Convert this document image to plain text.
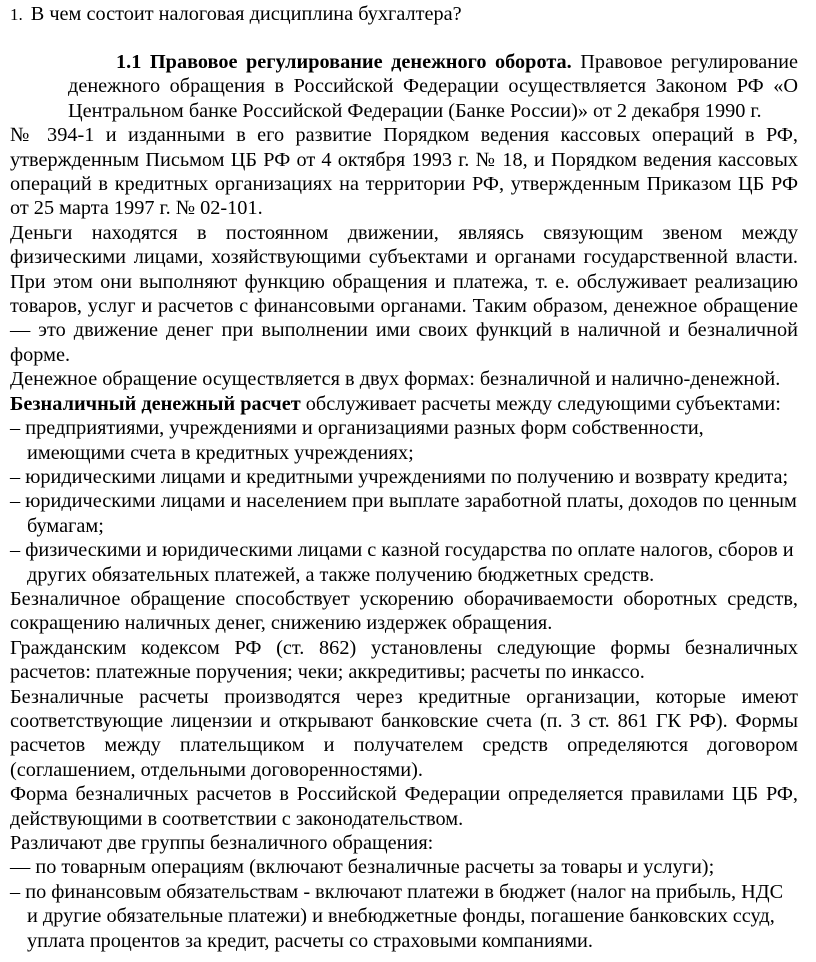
1. В чем состоит налоговая дисциплина бухгалтера?

1.1 Правовое регулирование денежного оборота. Правовое регулирование денежного обращения в Российской Федерации осуществляется Законом РФ «О Центральном банке Российской Федерации (Банке России)» от 2 декабря 1990 г.

№ 394-1 и изданными в его развитие Порядком ведения кассовых операций в РФ, утвержденным Письмом ЦБ РФ от 4 октября 1993 г. № 18, и Порядком ведения кассовых операций в кредитных организациях на территории РФ, утвержденным Приказом ЦБ РФ от 25 марта 1997 г. № 02-101.

Деньги находятся в постоянном движении, являясь связующим звеном между физическими лицами, хозяйствующими субъектами и органами государственной власти. При этом они выполняют функцию обращения и платежа, т. е. обслуживает реализацию товаров, услуг и расчетов с финансовыми органами. Таким образом, денежное обращение — это движение денег при выполнении ими своих функций в наличной и безналичной форме.

Денежное обращение осуществляется в двух формах: безналичной и налично-денежной.

Безналичный денежный расчет обслуживает расчеты между следующими субъектами:

– предприятиями, учреждениями и организациями разных форм собственности, имеющими счета в кредитных учреждениях;

– юридическими лицами и кредитными учреждениями по получению и возврату кредита;

– юридическими лицами и населением при выплате заработной платы, доходов по ценным бумагам;

– физическими и юридическими лицами с казной государства по оплате налогов, сборов и других обязательных платежей, а также получению бюджетных средств.

Безналичное обращение способствует ускорению оборачиваемости оборотных средств, сокращению наличных денег, снижению издержек обращения.

Гражданским кодексом РФ (ст. 862) установлены следующие формы безналичных расчетов: платежные поручения; чеки; аккредитивы; расчеты по инкассо.

Безналичные расчеты производятся через кредитные организации, которые имеют соответствующие лицензии и открывают банковские счета (п. 3 ст. 861 ГК РФ). Формы расчетов между плательщиком и получателем средств определяются договором (соглашением, отдельными договоренностями).

Форма безналичных расчетов в Российской Федерации определяется правилами ЦБ РФ, действующими в соответствии с законодательством.

Различают две группы безналичного обращения:

— по товарным операциям (включают безналичные расчеты за товары и услуги);

– по финансовым обязательствам - включают платежи в бюджет (налог на прибыль, НДС и другие обязательные платежи) и внебюджетные фонды, погашение банковских ссуд, уплата процентов за кредит, расчеты со страховыми компаниями.
